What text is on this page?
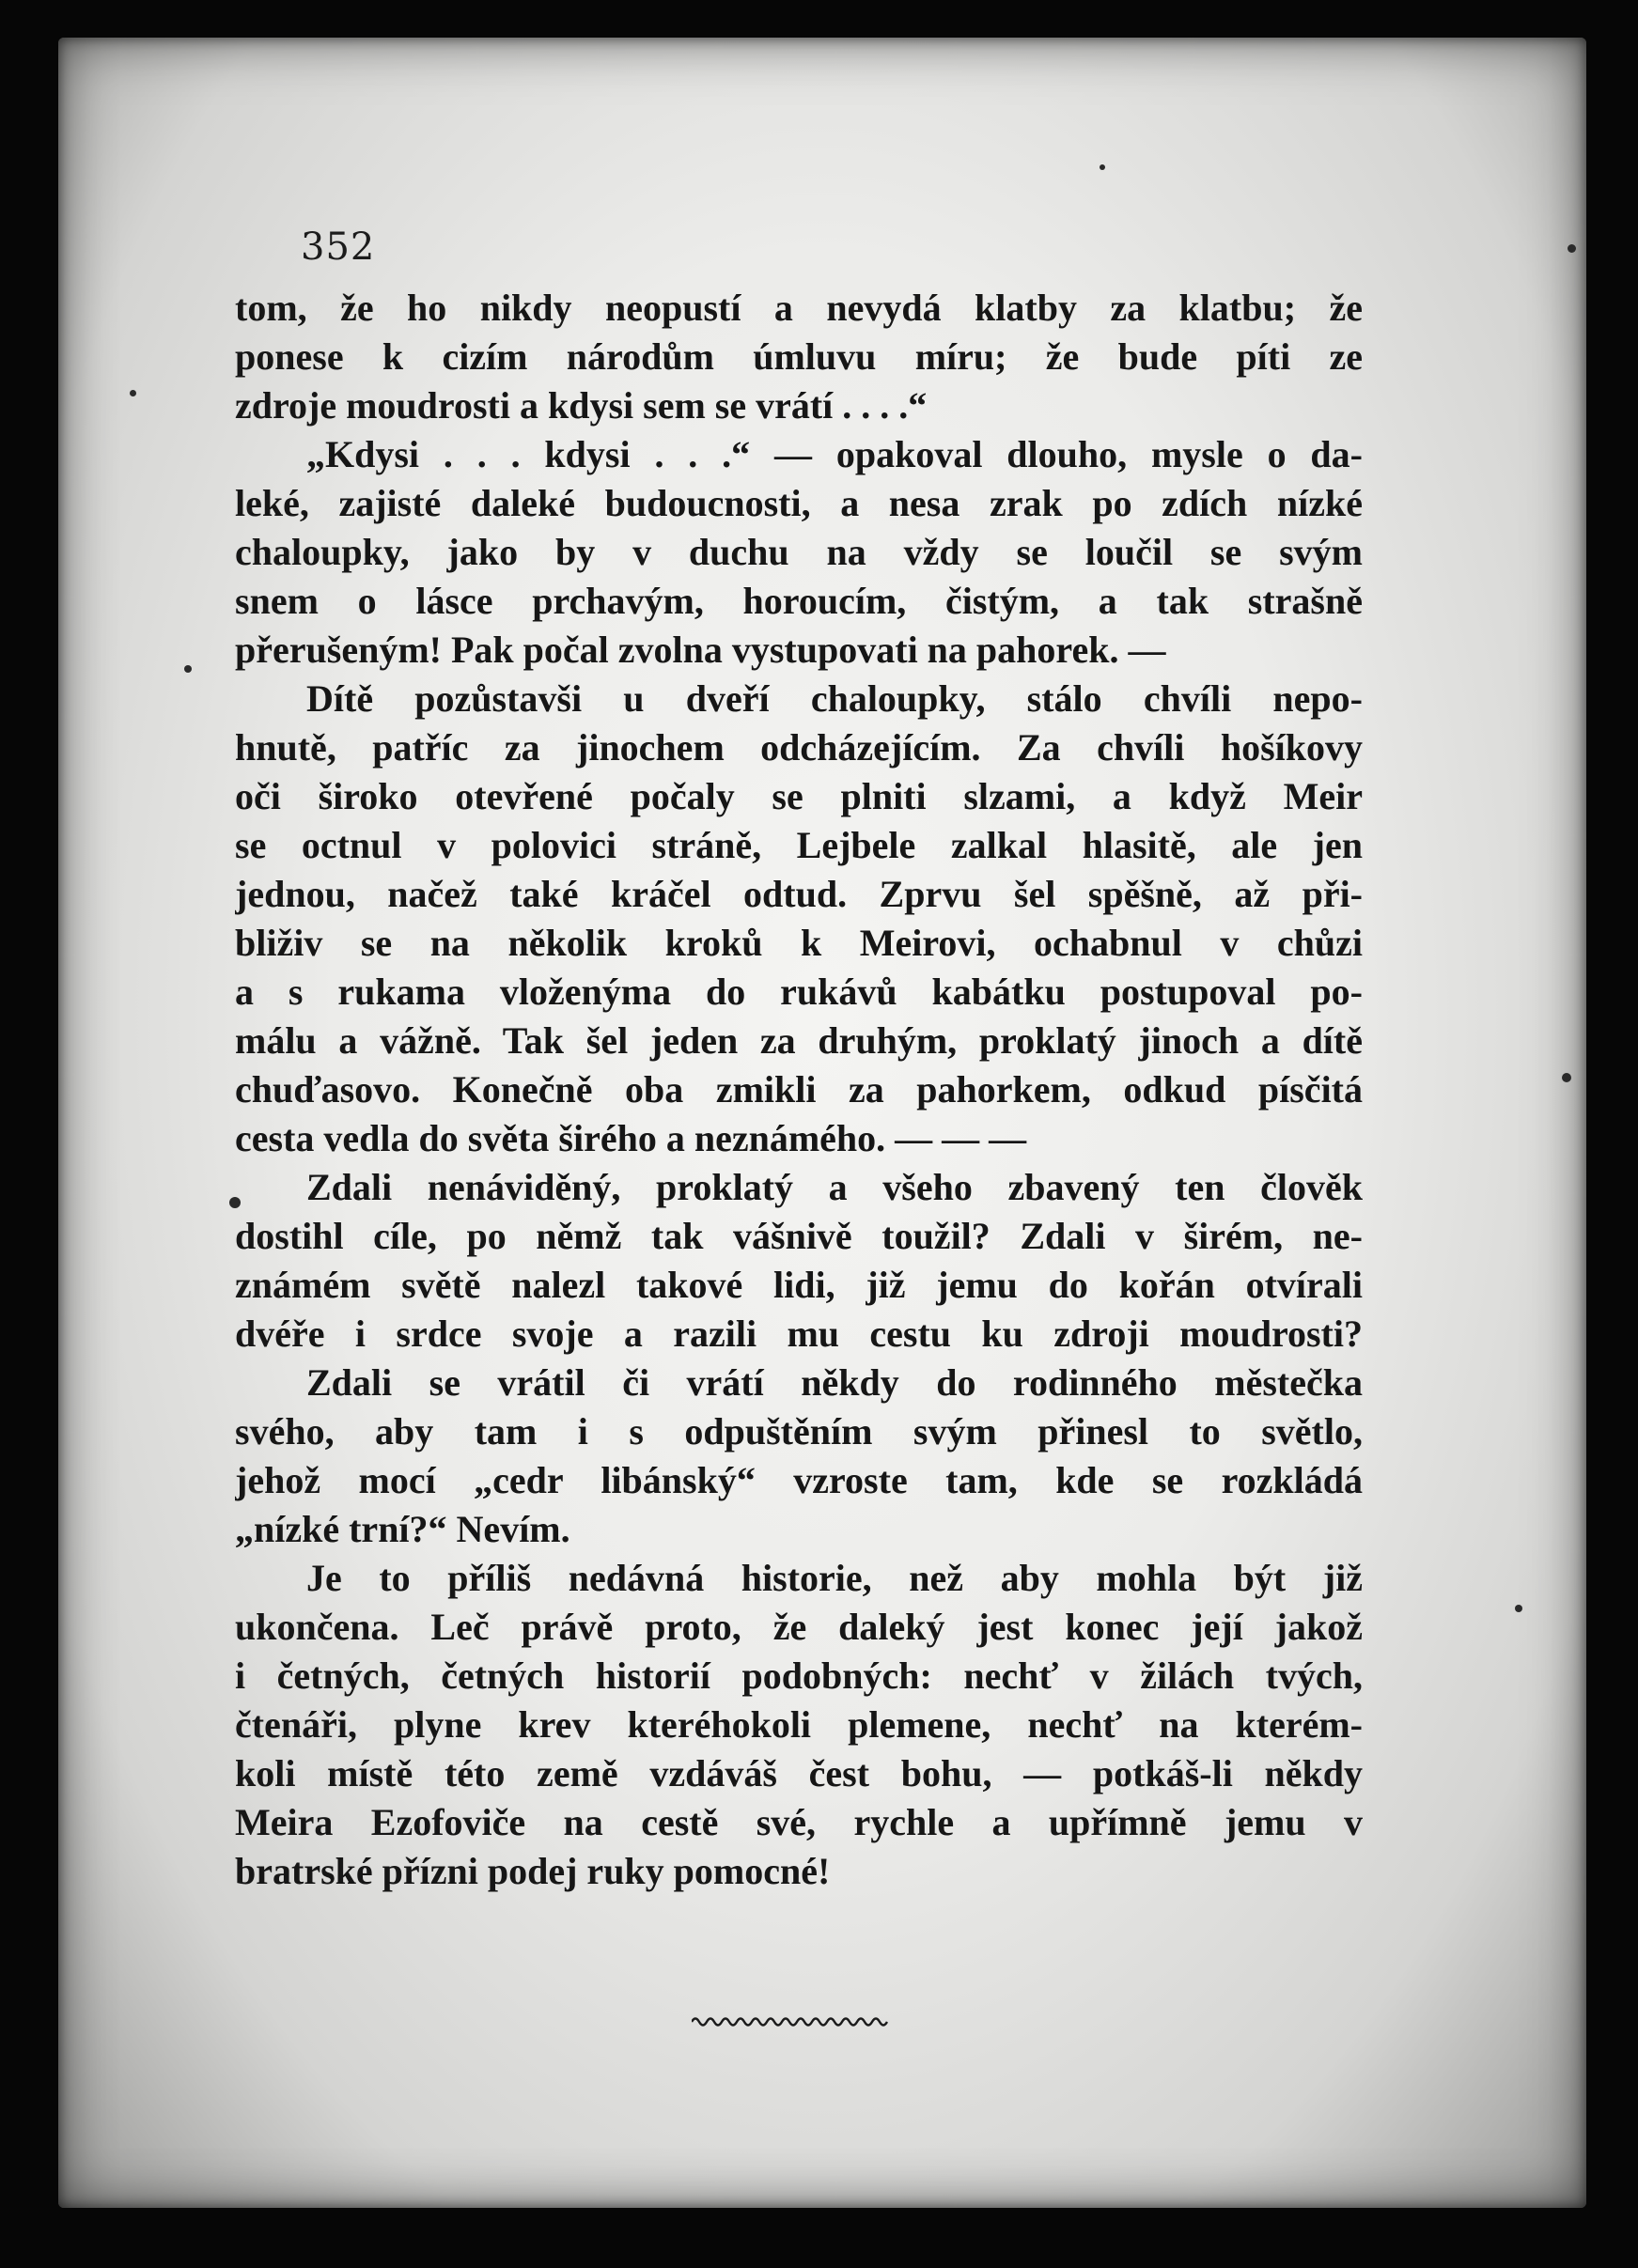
352
tom, že ho nikdy neopustí a nevydá klatby za klatbu; že
ponese k cizím národům úmluvu míru; že bude píti ze
zdroje moudrosti a kdysi sem se vrátí . . . .“
„Kdysi . . . kdysi . . .“ — opakoval dlouho, mysle o da-
leké, zajisté daleké budoucnosti, a nesa zrak po zdích nízké
chaloupky, jako by v duchu na vždy se loučil se svým
snem o lásce prchavým, horoucím, čistým, a tak strašně
přerušeným! Pak počal zvolna vystupovati na pahorek. —
Dítě pozůstavši u dveří chaloupky, stálo chvíli nepo-
hnutě, patříc za jinochem odcházejícím. Za chvíli hošíkovy
oči široko otevřené počaly se plniti slzami, a když Meir
se octnul v polovici stráně, Lejbele zalkal hlasitě, ale jen
jednou, načež také kráčel odtud. Zprvu šel spěšně, až při-
bliživ se na několik kroků k Meirovi, ochabnul v chůzi
a s rukama vloženýma do rukávů kabátku postupoval po-
málu a vážně. Tak šel jeden za druhým, proklatý jinoch a dítě
chuďasovo. Konečně oba zmikli za pahorkem, odkud písčitá
cesta vedla do světa širého a neznámého. — — —
Zdali nenáviděný, proklatý a všeho zbavený ten člověk
dostihl cíle, po němž tak vášnivě toužil? Zdali v širém, ne-
známém světě nalezl takové lidi, již jemu do kořán otvírali
dvéře i srdce svoje a razili mu cestu ku zdroji moudrosti?
Zdali se vrátil či vrátí někdy do rodinného městečka
svého, aby tam i s odpuštěním svým přinesl to světlo,
jehož mocí „cedr libánský“ vzroste tam, kde se rozkládá
„nízké trní?“ Nevím.
Je to příliš nedávná historie, než aby mohla být již
ukončena. Leč právě proto, že daleký jest konec její jakož
i četných, četných historií podobných: nechť v žilách tvých,
čtenáři, plyne krev kteréhokoli plemene, nechť na kterém-
koli místě této země vzdáváš čest bohu, — potkáš-li někdy
Meira Ezofoviče na cestě své, rychle a upřímně jemu v
bratrské přízni podej ruky pomocné!
